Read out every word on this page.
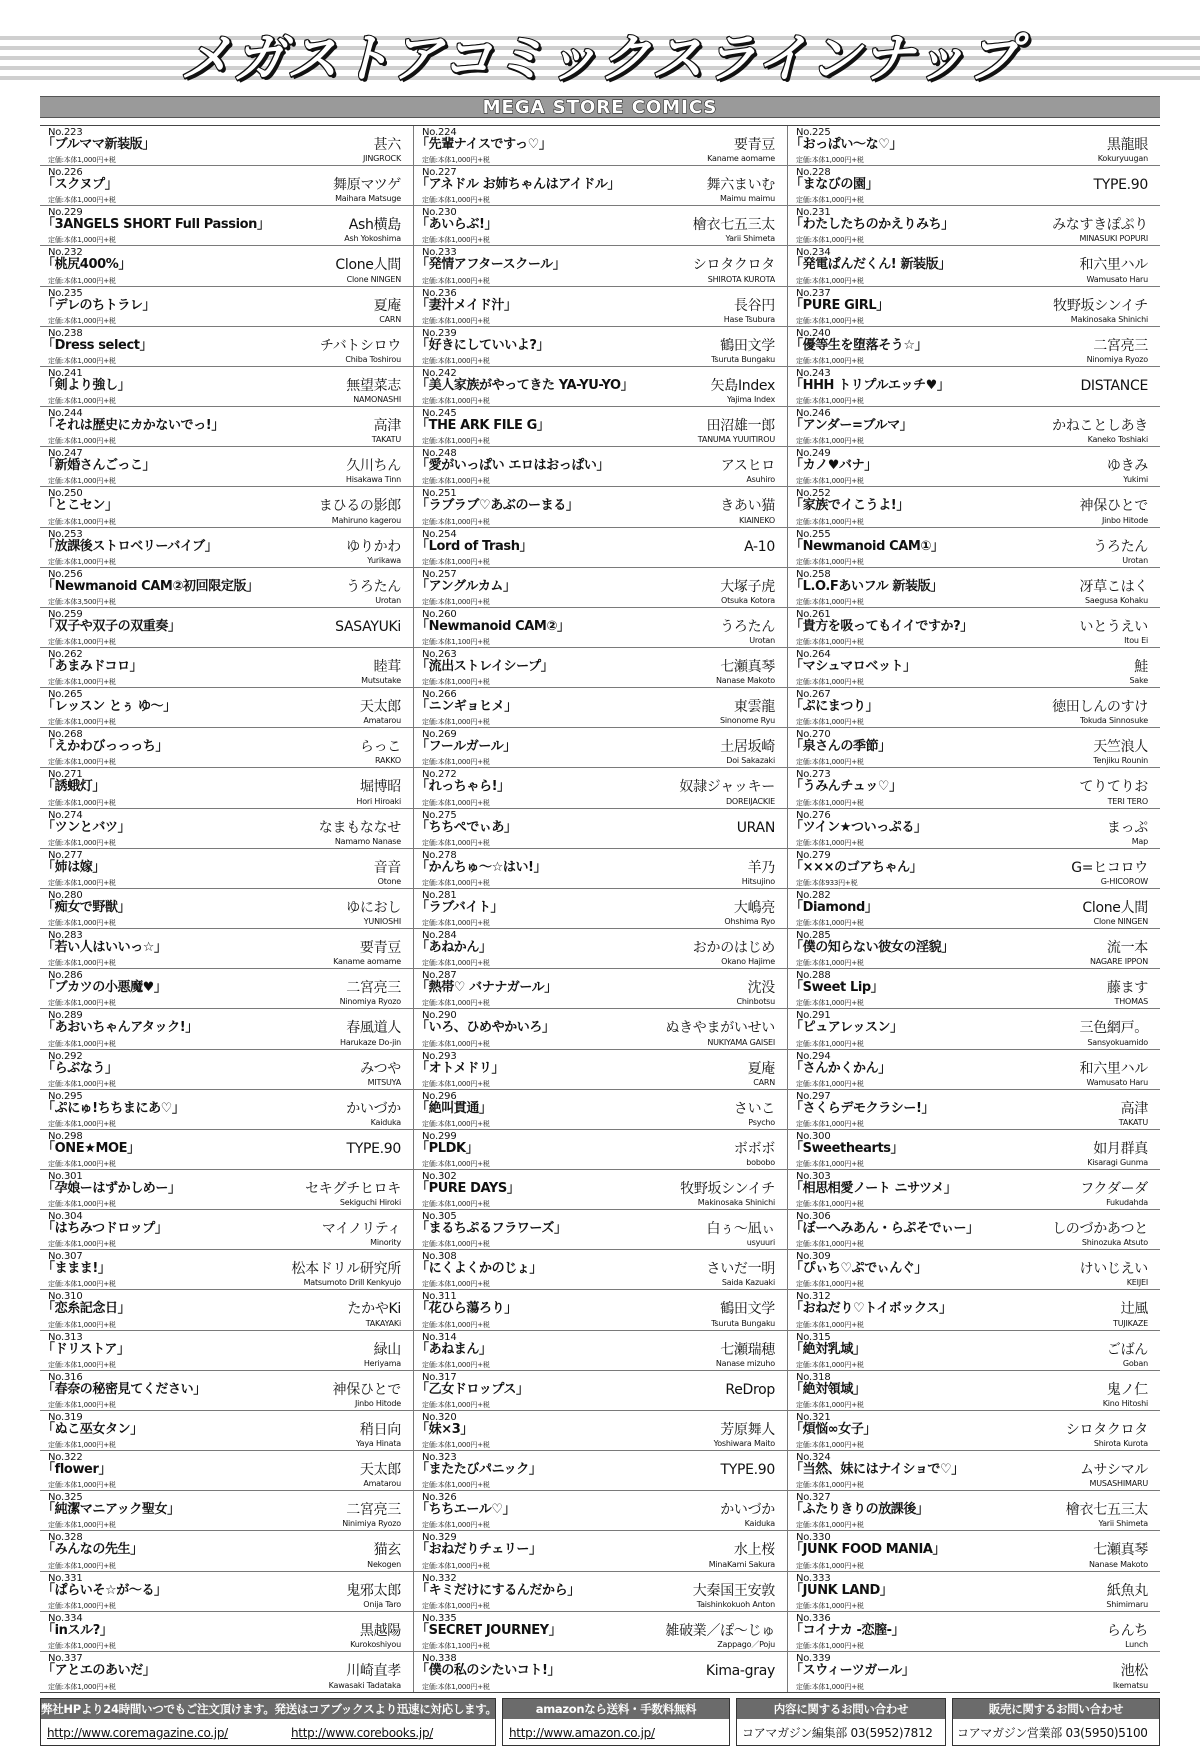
メガストアコミックスラインナップ
MEGA STORE COMICS
No.223
「ブルママ新装版」
定価:本体1,000円+税
甚六
JINGROCK
No.226
「スクヌプ」
定価:本体1,000円+税
舞原マツゲ
Maihara Matsuge
No.229
「3ANGELS SHORT Full Passion」
定価:本体1,000円+税
Ash横島
Ash Yokoshima
No.232
「桃尻400%」
定価:本体1,000円+税
Clone人間
Clone NINGEN
No.235
「デレのちトラレ」
定価:本体1,000円+税
夏庵
CARN
No.238
「Dress select」
定価:本体1,000円+税
チバトシロウ
Chiba Toshirou
No.241
「剣より強し」
定価:本体1,000円+税
無望菜志
NAMONASHI
No.244
「それは歴史にカかないでっ!」
定価:本体1,000円+税
高津
TAKATU
No.247
「新婚さんごっこ」
定価:本体1,000円+税
久川ちん
Hisakawa Tinn
No.250
「とこセン」
定価:本体1,000円+税
まひるの影郎
Mahiruno kagerou
No.253
「放課後ストロベリーバイブ」
定価:本体1,000円+税
ゆりかわ
Yurikawa
No.256
「Newmanoid CAM②初回限定版」
定価:本体3,500円+税
うろたん
Urotan
No.259
「双子や双子の双重奏」
定価:本体1,000円+税
SASAYUKi
No.262
「あまみドコロ」
定価:本体1,000円+税
睦茸
Mutsutake
No.265
「レッスン とぅ ゆ～」
定価:本体1,000円+税
天太郎
Amatarou
No.268
「えかわびっっっち」
定価:本体1,000円+税
らっこ
RAKKO
No.271
「誘蛾灯」
定価:本体1,000円+税
堀博昭
Hori Hiroaki
No.274
「ツンとバツ」
定価:本体1,000円+税
なまもななせ
Namamo Nanase
No.277
「姉は嫁」
定価:本体1,000円+税
音音
Otone
No.280
「痴女で野獣」
定価:本体1,000円+税
ゆにおし
YUNIOSHI
No.283
「若い人はいいっ☆」
定価:本体1,000円+税
要青豆
Kaname aomame
No.286
「ブカツの小悪魔♥」
定価:本体1,000円+税
二宮亮三
Ninomiya Ryozo
No.289
「あおいちゃんアタック!」
定価:本体1,000円+税
春風道人
Harukaze Do-jin
No.292
「らぶなう」
定価:本体1,000円+税
みつや
MITSUYA
No.295
「ぷにゅ!ちちまにあ♡」
定価:本体1,000円+税
かいづか
Kaiduka
No.298
「ONE★MOE」
定価:本体1,000円+税
TYPE.90
No.301
「孕娘ーはずかしめー」
定価:本体1,000円+税
セキグチヒロキ
Sekiguchi Hiroki
No.304
「はちみつドロップ」
定価:本体1,000円+税
マイノリティ
Minority
No.307
「ままま!」
定価:本体1,000円+税
松本ドリル研究所
Matsumoto Drill Kenkyujo
No.310
「恋糸記念日」
定価:本体1,000円+税
たかやKi
TAKAYAKi
No.313
「ドリストア」
定価:本体1,000円+税
緑山
Heriyama
No.316
「春奈の秘密見てください」
定価:本体1,000円+税
神保ひとで
Jinbo Hitode
No.319
「ぬこ巫女タン」
定価:本体1,000円+税
稍日向
Yaya Hinata
No.322
「flower」
定価:本体1,000円+税
天太郎
Amatarou
No.325
「純潔マニアック聖女」
定価:本体1,000円+税
二宮亮三
Ninimiya Ryozo
No.328
「みんなの先生」
定価:本体1,000円+税
猫玄
Nekogen
No.331
「ぱらいそ☆が～る」
定価:本体1,000円+税
鬼邪太郎
Onija Taro
No.334
「inスル?」
定価:本体1,000円+税
黒越陽
Kurokoshiyou
No.337
「アとエのあいだ」
定価:本体1,000円+税
川崎直孝
Kawasaki Tadataka
No.224
「先輩ナイスですっ♡」
定価:本体1,000円+税
要青豆
Kaname aomame
No.227
「アネドル お姉ちゃんはアイドル」
定価:本体1,000円+税
舞六まいむ
Maimu maimu
No.230
「あいらぶ!」
定価:本体1,000円+税
檜衣七五三太
Yarii Shimeta
No.233
「発情アフタースクール」
定価:本体1,000円+税
シロタクロタ
SHIROTA KUROTA
No.236
「妻汁メイド汁」
定価:本体1,000円+税
長谷円
Hase Tsubura
No.239
「好きにしていいよ?」
定価:本体1,000円+税
鶴田文学
Tsuruta Bungaku
No.242
「美人家族がやってきた YA-YU-YO」
定価:本体1,000円+税
矢島Index
Yajima Index
No.245
「THE ARK FILE G」
定価:本体1,000円+税
田沼雄一郎
TANUMA YUUITIROU
No.248
「愛がいっぱい エロはおっぱい」
定価:本体1,000円+税
アスヒロ
Asuhiro
No.251
「ラブラブ♡あぶのーまる」
定価:本体1,000円+税
きあい猫
KIAINEKO
No.254
「Lord of Trash」
定価:本体1,000円+税
A-10
No.257
「アングルカム」
定価:本体1,000円+税
大塚子虎
Otsuka Kotora
No.260
「Newmanoid CAM②」
定価:本体1,100円+税
うろたん
Urotan
No.263
「流出ストレイシープ」
定価:本体1,000円+税
七瀬真琴
Nanase Makoto
No.266
「ニンギョヒメ」
定価:本体1,000円+税
東雲龍
Sinonome Ryu
No.269
「フールガール」
定価:本体1,000円+税
土居坂崎
Doi Sakazaki
No.272
「れっちゃら!」
定価:本体1,000円+税
奴隷ジャッキー
DOREIJACKIE
No.275
「ちちぺでぃあ」
定価:本体1,000円+税
URAN
No.278
「かんちゅ～☆はい!」
定価:本体1,000円+税
羊乃
Hitsujino
No.281
「ラブバイト」
定価:本体1,000円+税
大嶋亮
Ohshima Ryo
No.284
「あねかん」
定価:本体1,000円+税
おかのはじめ
Okano Hajime
No.287
「熱帯♡ バナナガール」
定価:本体1,000円+税
沈没
Chinbotsu
No.290
「いろ、ひめやかいろ」
定価:本体1,000円+税
ぬきやまがいせい
NUKIYAMA GAISEI
No.293
「オトメドリ」
定価:本体1,000円+税
夏庵
CARN
No.296
「絶叫貫通」
定価:本体1,000円+税
さいこ
Psycho
No.299
「PLDK」
定価:本体1,000円+税
ボボボ
bobobo
No.302
「PURE DAYS」
定価:本体1,000円+税
牧野坂シンイチ
Makinosaka Shinichi
No.305
「まるちぷるフラワーズ」
定価:本体1,000円+税
白ぅ～凪ぃ
usyuuri
No.308
「にくよくかのじょ」
定価:本体1,000円+税
さいだ一明
Saida Kazuaki
No.311
「花ひら蕩ろり」
定価:本体1,000円+税
鶴田文学
Tsuruta Bungaku
No.314
「あねまん」
定価:本体1,000円+税
七瀬瑞穂
Nanase mizuho
No.317
「乙女ドロップス」
定価:本体1,000円+税
ReDrop
No.320
「妹×3」
定価:本体1,000円+税
芳原舞人
Yoshiwara Maito
No.323
「またたびパニック」
定価:本体1,000円+税
TYPE.90
No.326
「ちちエール♡」
定価:本体1,000円+税
かいづか
Kaiduka
No.329
「おねだりチェリー」
定価:本体1,000円+税
水上桜
MinaKami Sakura
No.332
「キミだけにするんだから」
定価:本体1,000円+税
大秦国王安敦
Taishinkokuoh Anton
No.335
「SECRET JOURNEY」
定価:本体1,100円+税
雑破業／ぽ～じゅ
Zappago／Poju
No.338
「僕の私のシたいコト!」
定価:本体1,000円+税
Kima-gray
No.225
「おっぱい～な♡」
定価:本体1,000円+税
黒龍眼
Kokuryuugan
No.228
「まなびの園」
定価:本体1,000円+税
TYPE.90
No.231
「わたしたちのかえりみち」
定価:本体1,000円+税
みなすきぽぷり
MINASUKI POPURI
No.234
「発電ぱんだくん! 新装版」
定価:本体1,000円+税
和六里ハル
Wamusato Haru
No.237
「PURE GIRL」
定価:本体1,000円+税
牧野坂シンイチ
Makinosaka Shinichi
No.240
「優等生を堕落そう☆」
定価:本体1,000円+税
二宮亮三
Ninomiya Ryozo
No.243
「HHH トリプルエッチ♥」
定価:本体1,000円+税
DISTANCE
No.246
「アンダー=ブルマ」
定価:本体1,000円+税
かねことしあき
Kaneko Toshiaki
No.249
「カノ♥バナ」
定価:本体1,000円+税
ゆきみ
Yukimi
No.252
「家族でイこうよ!」
定価:本体1,000円+税
神保ひとで
Jinbo Hitode
No.255
「Newmanoid CAM①」
定価:本体1,000円+税
うろたん
Urotan
No.258
「L.O.Fあいフル 新装版」
定価:本体1,000円+税
冴草こはく
Saegusa Kohaku
No.261
「貴方を吸ってもイイですか?」
定価:本体1,000円+税
いとうえい
Itou Ei
No.264
「マシュマロベット」
定価:本体1,000円+税
鮭
Sake
No.267
「ぷにまつり」
定価:本体1,000円+税
徳田しんのすけ
Tokuda Sinnosuke
No.270
「泉さんの季節」
定価:本体1,000円+税
天竺浪人
Tenjiku Rounin
No.273
「うみんチュッ♡」
定価:本体1,000円+税
てりてりお
TERI TERO
No.276
「ツイン★ついっぷる」
定価:本体1,000円+税
まっぷ
Map
No.279
「×××のゴアちゃん」
定価:本体933円+税
G=ヒコロウ
G-HICOROW
No.282
「Diamond」
定価:本体1,000円+税
Clone人間
Clone NINGEN
No.285
「僕の知らない彼女の淫貌」
定価:本体1,000円+税
流一本
NAGARE IPPON
No.288
「Sweet Lip」
定価:本体1,000円+税
藤ます
THOMAS
No.291
「ピュアレッスン」
定価:本体1,000円+税
三色網戸。
Sansyokuamido
No.294
「さんかくかん」
定価:本体1,000円+税
和六里ハル
Wamusato Haru
No.297
「さくらデモクラシー!」
定価:本体1,000円+税
高津
TAKATU
No.300
「Sweethearts」
定価:本体1,000円+税
如月群真
Kisaragi Gunma
No.303
「相思相愛ノート ニサツメ」
定価:本体1,000円+税
フクダーダ
Fukudahda
No.306
「ぼーへみあん・らぷそでぃー」
定価:本体1,000円+税
しのづかあつと
Shinozuka Atsuto
No.309
「ぴぃち♡ぷでぃんぐ」
定価:本体1,000円+税
けいじえい
KEIJEI
No.312
「おねだり♡トイボックス」
定価:本体1,000円+税
辻風
TUJIKAZE
No.315
「絶対乳域」
定価:本体1,000円+税
ごばん
Goban
No.318
「絶対領域」
定価:本体1,000円+税
鬼ノ仁
Kino Hitoshi
No.321
「煩悩∞女子」
定価:本体1,000円+税
シロタクロタ
Shirota Kurota
No.324
「当然、妹にはナイショで♡」
定価:本体1,000円+税
ムサシマル
MUSASHIMARU
No.327
「ふたりきりの放課後」
定価:本体1,000円+税
檜衣七五三太
Yarii Shimeta
No.330
「JUNK FOOD MANIA」
定価:本体1,000円+税
七瀬真琴
Nanase Makoto
No.333
「JUNK LAND」
定価:本体1,000円+税
紙魚丸
Shimimaru
No.336
「コイナカ -恋膣-」
定価:本体1,000円+税
らんち
Lunch
No.339
「スウィーツガール」
定価:本体1,000円+税
池松
Ikematsu
弊社HPより24時間いつでもご注文頂けます。発送はコアブックスより迅速に対応します。
http://www.coremagazine.co.jp/	http://www.corebooks.jp/
amazonなら送料・手数料無料
http://www.amazon.co.jp/
内容に関するお問い合わせ
コアマガジン編集部 03(5952)7812
販売に関するお問い合わせ
コアマガジン営業部 03(5950)5100
